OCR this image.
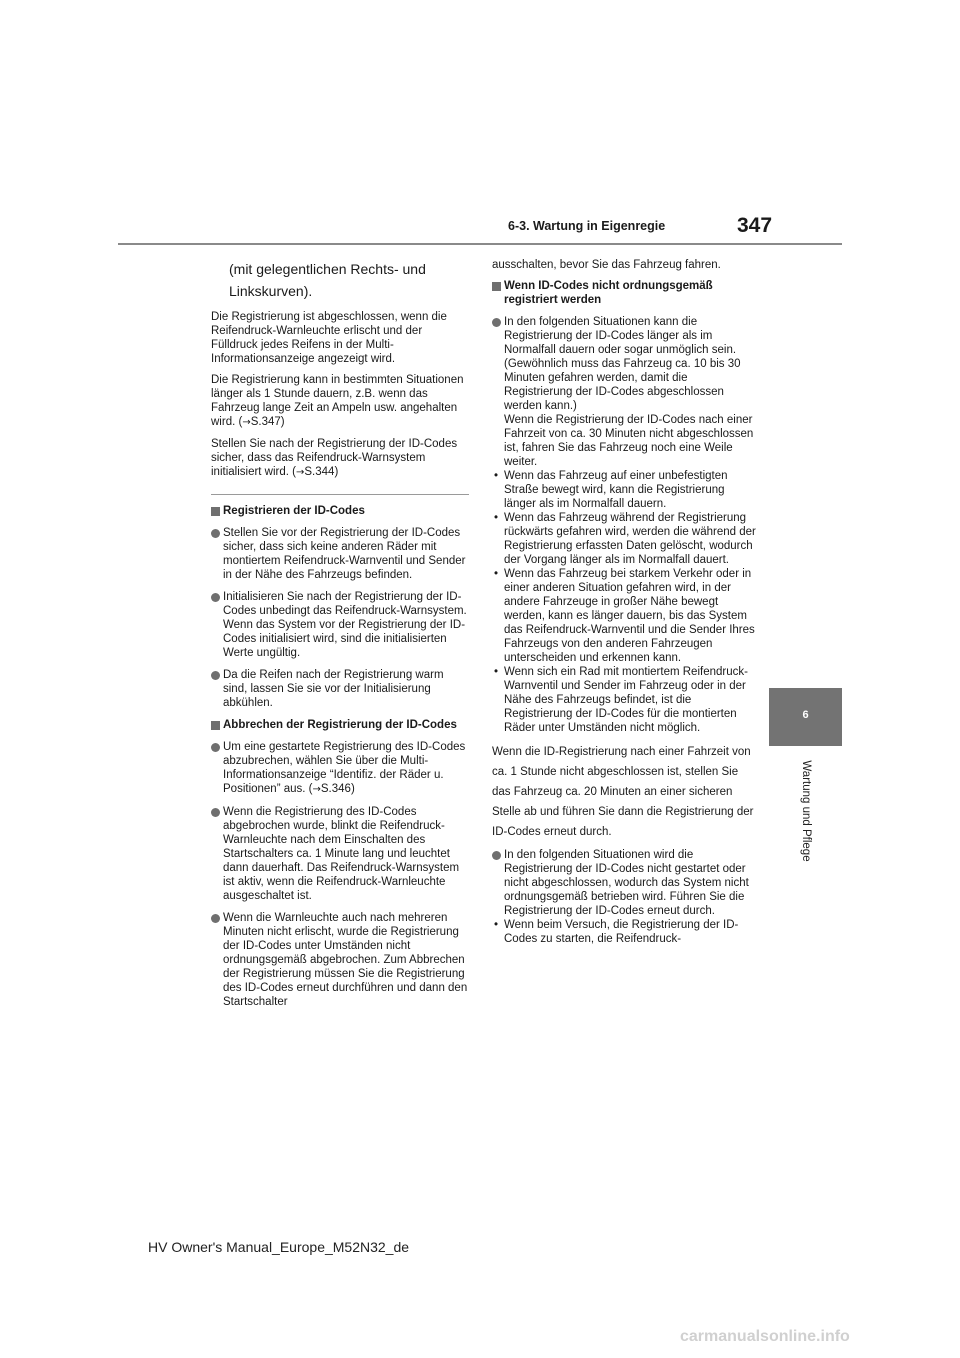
6-3. Wartung in Eigenregie	347
6
Wartung und Pflege

(mit gelegentlichen Rechts- und
Linkskurven).

Die Registrierung ist abgeschlossen, wenn die Reifendruck-Warnleuchte erlischt und der Fülldruck jedes Reifens in der Multi-Informationsanzeige angezeigt wird.

Die Registrierung kann in bestimmten Situationen länger als 1 Stunde dauern, z.B. wenn das Fahrzeug lange Zeit an Ampeln usw. angehalten wird. (→S.347)

Stellen Sie nach der Registrierung der ID-Codes sicher, dass das Reifendruck-Warnsystem initialisiert wird. (→S.344)

Registrieren der ID-Codes

Stellen Sie vor der Registrierung der ID-Codes sicher, dass sich keine anderen Räder mit montiertem Reifendruck-Warnventil und Sender in der Nähe des Fahrzeugs befinden.

Initialisieren Sie nach der Registrierung der ID-Codes unbedingt das Reifendruck-Warnsystem. Wenn das System vor der Registrierung der ID-Codes initialisiert wird, sind die initialisierten Werte ungültig.

Da die Reifen nach der Registrierung warm sind, lassen Sie sie vor der Initialisierung abkühlen.

Abbrechen der Registrierung der ID-Codes

Um eine gestartete Registrierung des ID-Codes abzubrechen, wählen Sie über die Multi-Informationsanzeige “Identifiz. der Räder u. Positionen” aus. (→S.346)

Wenn die Registrierung des ID-Codes abgebrochen wurde, blinkt die Reifendruck-Warnleuchte nach dem Einschalten des Startschalters ca. 1 Minute lang und leuchtet dann dauerhaft. Das Reifendruck-Warnsystem ist aktiv, wenn die Reifendruck-Warnleuchte ausgeschaltet ist.

Wenn die Warnleuchte auch nach mehreren Minuten nicht erlischt, wurde die Registrierung der ID-Codes unter Umständen nicht ordnungsgemäß abgebrochen. Zum Abbrechen der Registrierung müssen Sie die Registrierung des ID-Codes erneut durchführen und dann den Startschalter

ausschalten, bevor Sie das Fahrzeug fahren.

Wenn ID-Codes nicht ordnungsgemäß registriert werden

In den folgenden Situationen kann die Registrierung der ID-Codes länger als im Normalfall dauern oder sogar unmöglich sein. (Gewöhnlich muss das Fahrzeug ca. 10 bis 30 Minuten gefahren werden, damit die Registrierung der ID-Codes abgeschlossen werden kann.)
Wenn die Registrierung der ID-Codes nach einer Fahrzeit von ca. 30 Minuten nicht abgeschlossen ist, fahren Sie das Fahrzeug noch eine Weile weiter.

• Wenn das Fahrzeug auf einer unbefestigten Straße bewegt wird, kann die Registrierung länger als im Normalfall dauern.

• Wenn das Fahrzeug während der Registrierung rückwärts gefahren wird, werden die während der Registrierung erfassten Daten gelöscht, wodurch der Vorgang länger als im Normalfall dauert.

• Wenn das Fahrzeug bei starkem Verkehr oder in einer anderen Situation gefahren wird, in der andere Fahrzeuge in großer Nähe bewegt werden, kann es länger dauern, bis das System das Reifendruck-Warnventil und die Sender Ihres Fahrzeugs von den anderen Fahrzeugen unterscheiden und erkennen kann.

• Wenn sich ein Rad mit montiertem Reifendruck-Warnventil und Sender im Fahrzeug oder in der Nähe des Fahrzeugs befindet, ist die Registrierung der ID-Codes für die montierten Räder unter Umständen nicht möglich.

Wenn die ID-Registrierung nach einer Fahrzeit von ca. 1 Stunde nicht abgeschlossen ist, stellen Sie das Fahrzeug ca. 20 Minuten an einer sicheren Stelle ab und führen Sie dann die Registrierung der ID-Codes erneut durch.

In den folgenden Situationen wird die Registrierung der ID-Codes nicht gestartet oder nicht abgeschlossen, wodurch das System nicht ordnungsgemäß betrieben wird. Führen Sie die Registrierung der ID-Codes erneut durch.

• Wenn beim Versuch, die Registrierung der ID-Codes zu starten, die Reifendruck-

HV Owner's Manual_Europe_M52N32_de
carmanualsonline.info
